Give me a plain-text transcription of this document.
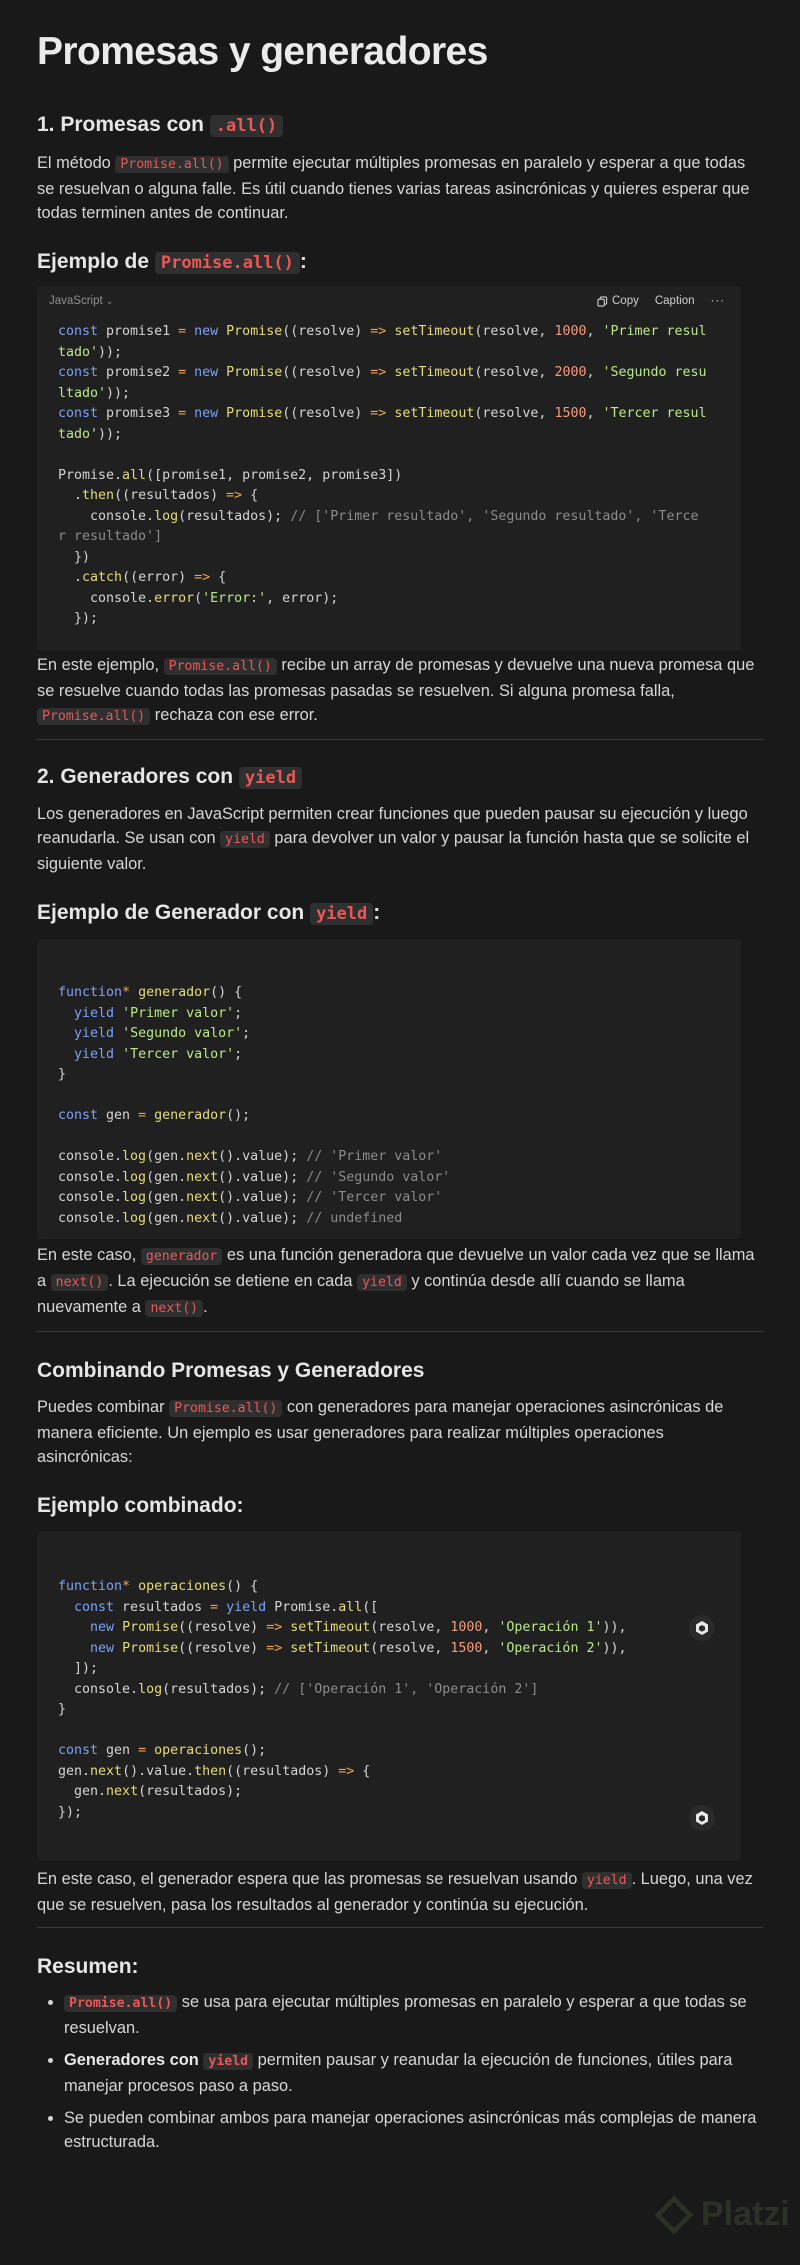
Promesas y generadores
1. Promesas con .all()

El método Promise.all() permite ejecutar múltiples promesas en paralelo y esperar a que todas se resuelvan o alguna falle. Es útil cuando tienes varias tareas asincrónicas y quieres esperar que todas terminen antes de continuar.

Ejemplo de Promise.all() :
JavaScript ⌄	Copy	Caption	···
const promise1 = new Promise((resolve) => setTimeout(resolve, 1000, 'Primer resul
tado'));
const promise2 = new Promise((resolve) => setTimeout(resolve, 2000, 'Segundo resu
ltado'));
const promise3 = new Promise((resolve) => setTimeout(resolve, 1500, 'Tercer resul
tado'));
Promise.all([promise1, promise2, promise3])
.then((resultados) => {
console.log(resultados); // ['Primer resultado', 'Segundo resultado', 'Terce
r resultado']
})
.catch((error) => {
console.error('Error:', error);
});

En este ejemplo, Promise.all() recibe un array de promesas y devuelve una nueva promesa que se resuelve cuando todas las promesas pasadas se resuelven. Si alguna promesa falla, Promise.all() rechaza con ese error.

2. Generadores con yield

Los generadores en JavaScript permiten crear funciones que pueden pausar su ejecución y luego reanudarla. Se usan con yield para devolver un valor y pausar la función hasta que se solicite el siguiente valor.

Ejemplo de Generador con yield :
function* generador() {
yield 'Primer valor';
yield 'Segundo valor';
yield 'Tercer valor';
}
const gen = generador();
console.log(gen.next().value); // 'Primer valor'
console.log(gen.next().value); // 'Segundo valor'
console.log(gen.next().value); // 'Tercer valor'
console.log(gen.next().value); // undefined

En este caso, generador es una función generadora que devuelve un valor cada vez que se llama a next() . La ejecución se detiene en cada yield y continúa desde allí cuando se llama nuevamente a next() .

Combinando Promesas y Generadores

Puedes combinar Promise.all() con generadores para manejar operaciones asincrónicas de manera eficiente. Un ejemplo es usar generadores para realizar múltiples operaciones asincrónicas:

Ejemplo combinado:
function* operaciones() {
const resultados = yield Promise.all([
new Promise((resolve) => setTimeout(resolve, 1000, 'Operación 1')),
new Promise((resolve) => setTimeout(resolve, 1500, 'Operación 2')),
]);
console.log(resultados); // ['Operación 1', 'Operación 2']
}
const gen = operaciones();
gen.next().value.then((resultados) => {
gen.next(resultados);
});

En este caso, el generador espera que las promesas se resuelvan usando yield . Luego, una vez que se resuelven, pasa los resultados al generador y continúa su ejecución.

Resumen:
• Promise.all() se usa para ejecutar múltiples promesas en paralelo y esperar a que todas se resuelvan.
• Generadores con yield permiten pausar y reanudar la ejecución de funciones, útiles para manejar procesos paso a paso.
• Se pueden combinar ambos para manejar operaciones asincrónicas más complejas de manera estructurada.
Platzi
